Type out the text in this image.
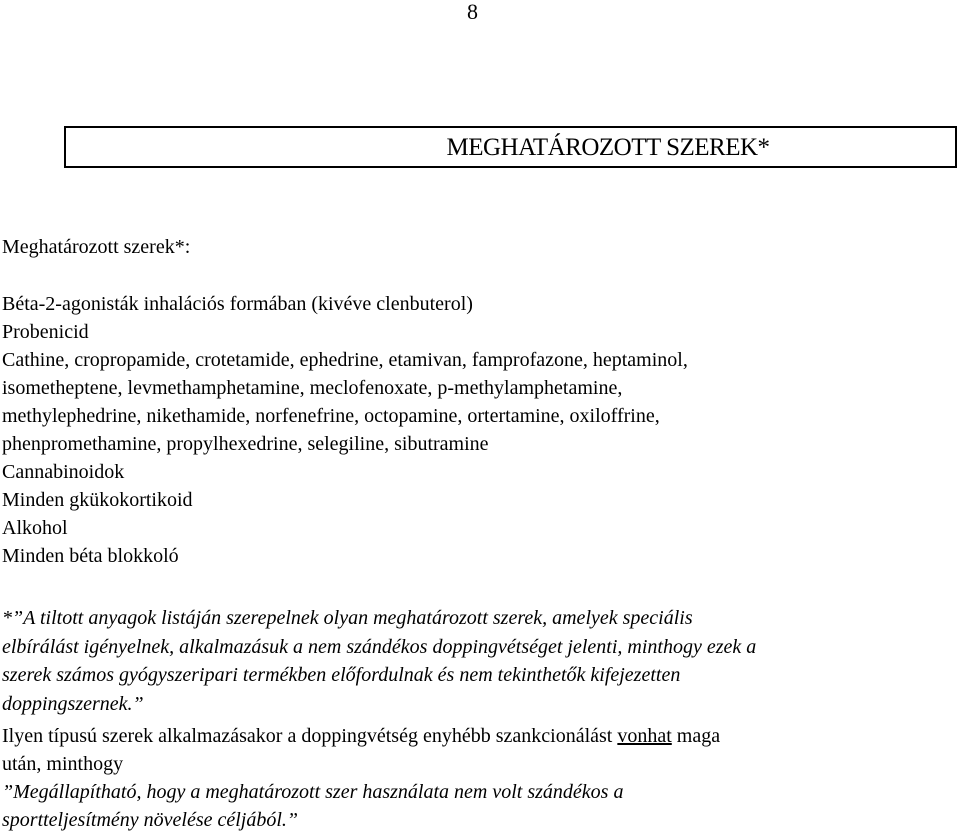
8
MEGHATÁROZOTT SZEREK*
Meghatározott szerek*:
Béta-2-agonisták inhalációs formában (kivéve clenbuterol)
Probenicid
Cathine, cropropamide, crotetamide, ephedrine, etamivan, famprofazone, heptaminol,
isometheptene, levmethamphetamine, meclofenoxate, p-methylamphetamine,
methylephedrine, nikethamide, norfenefrine, octopamine, ortertamine, oxiloffrine,
phenpromethamine, propylhexedrine, selegiline, sibutramine
Cannabinoidok
Minden gkükokortikoid
Alkohol
Minden béta blokkoló
*”A tiltott anyagok listáján szerepelnek olyan meghatározott szerek, amelyek speciális
elbírálást igényelnek, alkalmazásuk a nem szándékos doppingvétséget jelenti, minthogy ezek a
szerek számos gyógyszeripari termékben előfordulnak és nem tekinthetők kifejezetten
doppingszernek.”
Ilyen típusú szerek alkalmazásakor a doppingvétség enyhébb szankcionálást vonhat maga
után, minthogy
”Megállapítható, hogy a meghatározott szer használata nem volt szándékos a
sportteljesítmény növelése céljából.”
